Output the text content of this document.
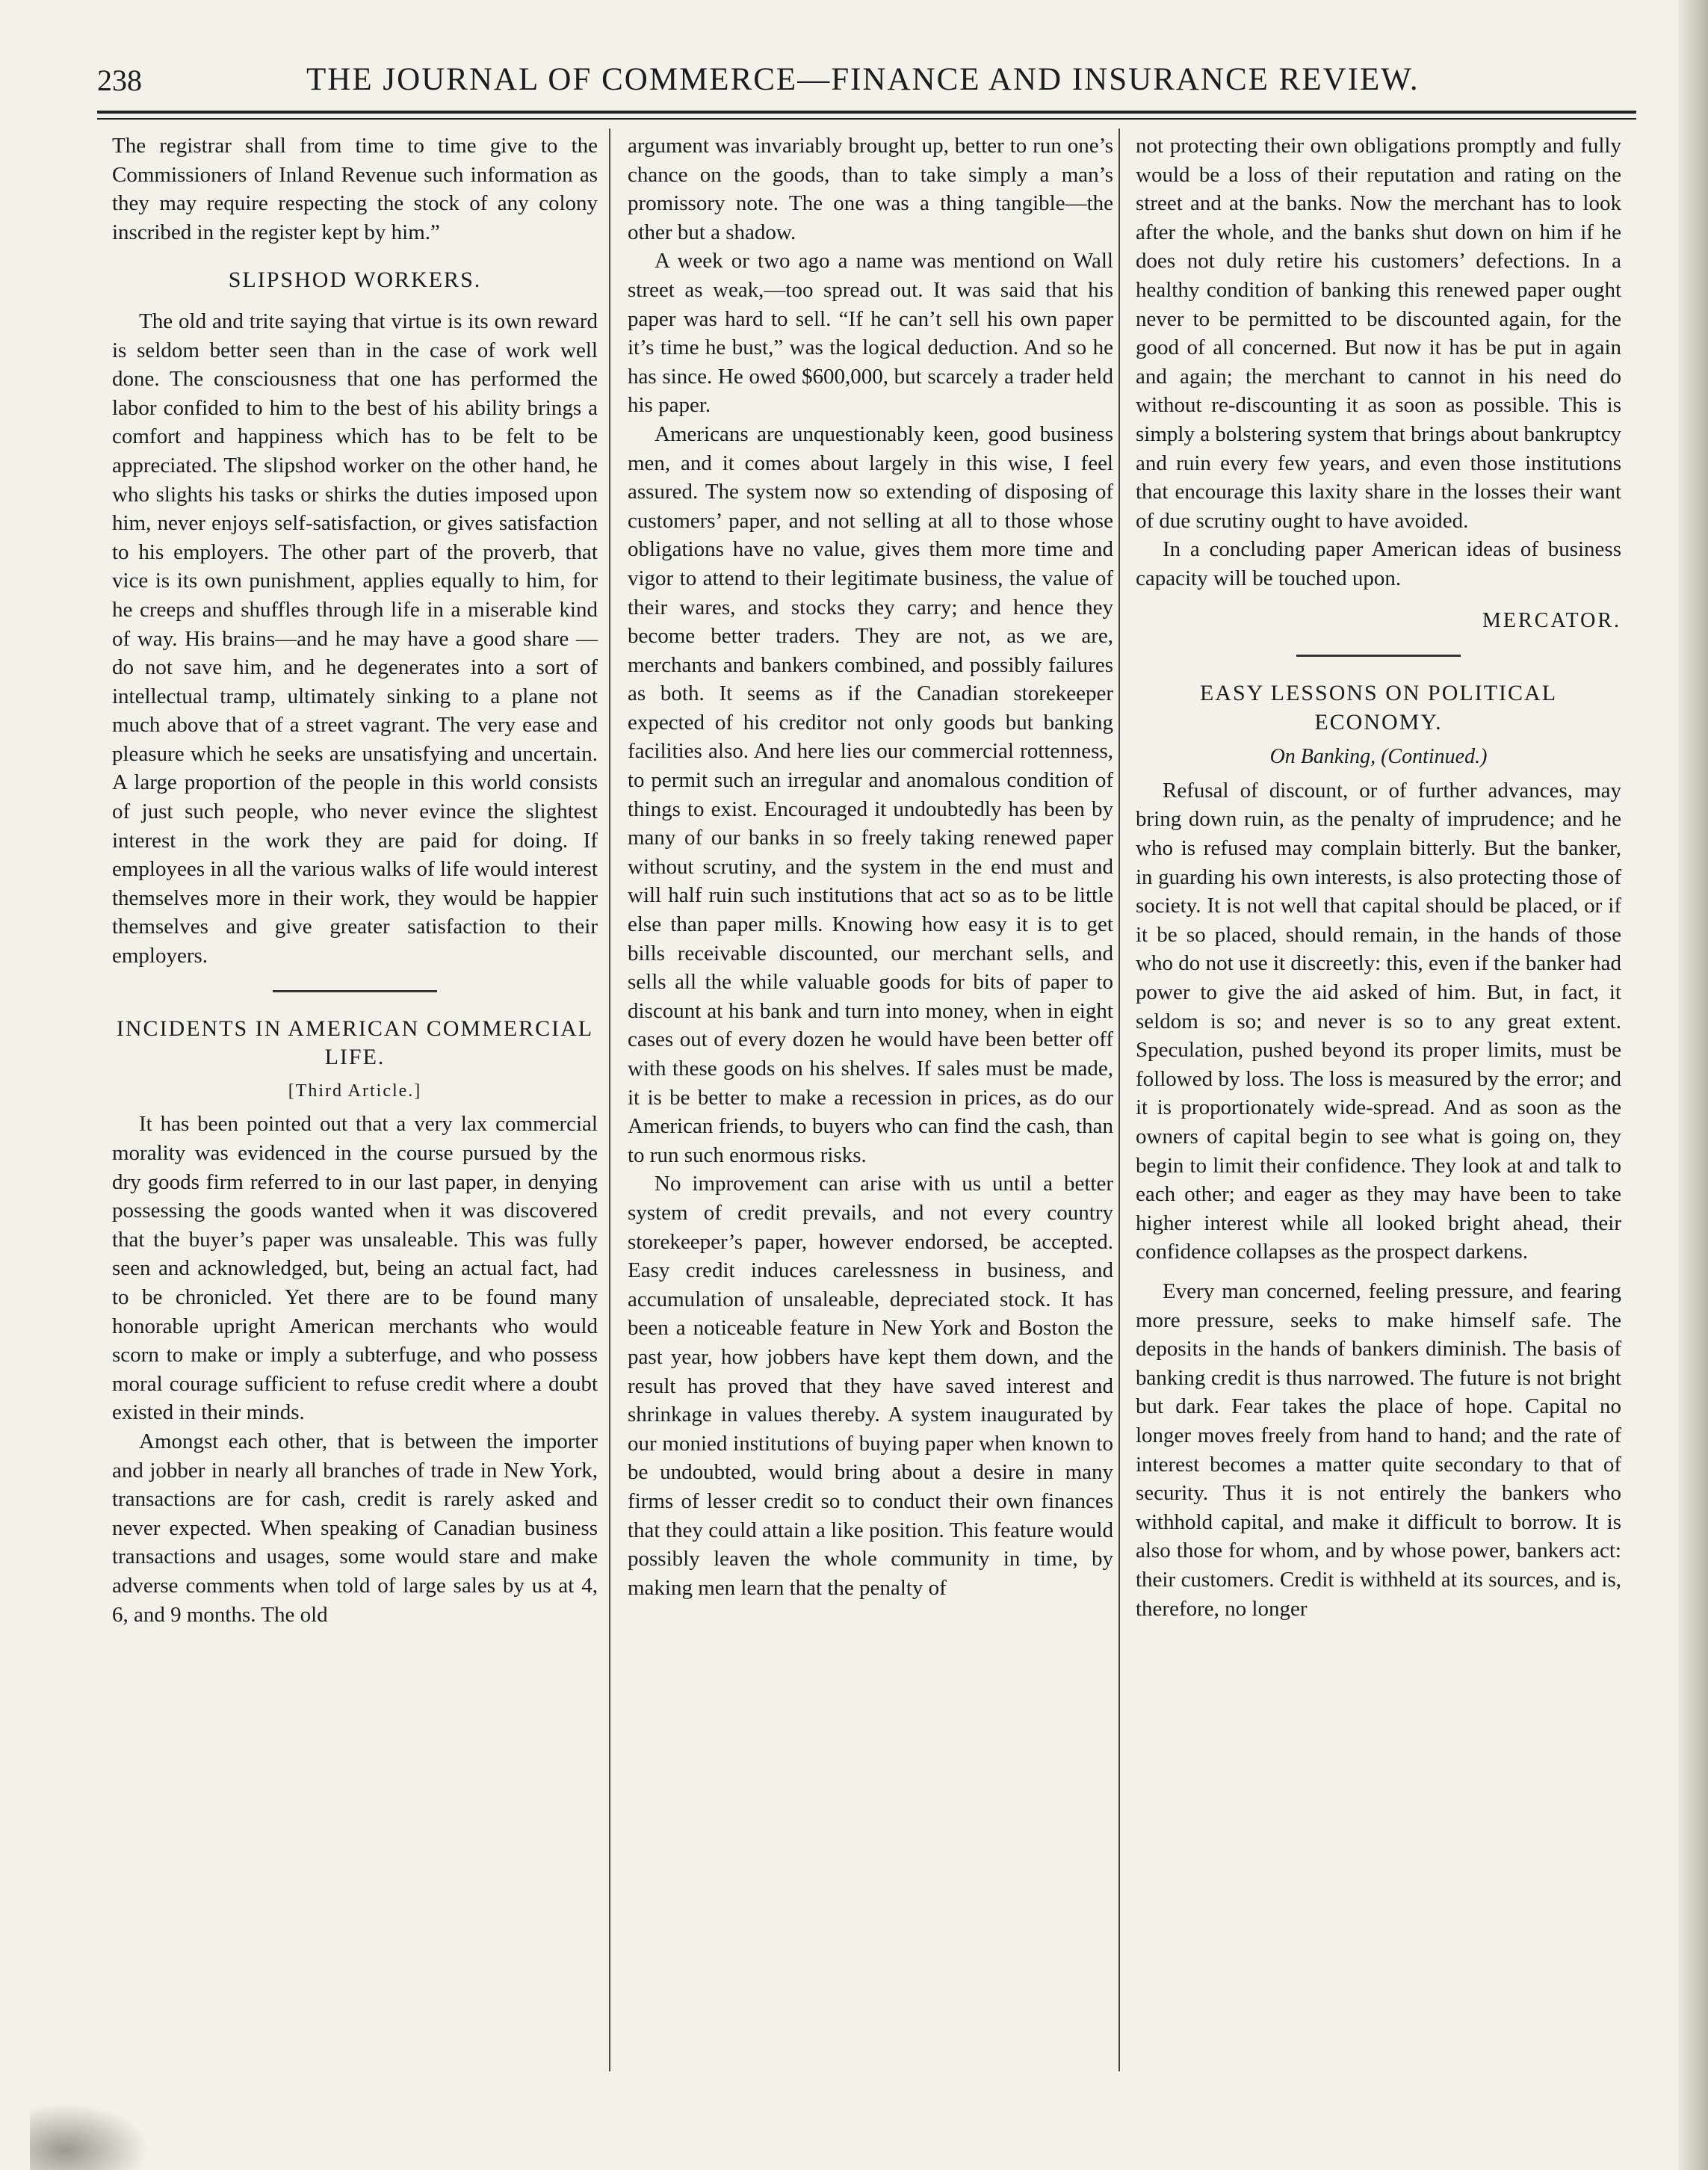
238	THE JOURNAL OF COMMERCE—FINANCE AND INSURANCE REVIEW.

The registrar shall from time to time give to the Commissioners of Inland Revenue such information as they may require respecting the stock of any colony inscribed in the register kept by him.”

SLIPSHOD WORKERS.

The old and trite saying that virtue is its own reward is seldom better seen than in the case of work well done. The consciousness that one has performed the labor confided to him to the best of his ability brings a comfort and happiness which has to be felt to be appreciated. The slipshod worker on the other hand, he who slights his tasks or shirks the duties imposed upon him, never enjoys self-satisfaction, or gives satisfaction to his employers. The other part of the proverb, that vice is its own punishment, applies equally to him, for he creeps and shuffles through life in a miserable kind of way. His brains—and he may have a good share —do not save him, and he degenerates into a sort of intellectual tramp, ultimately sinking to a plane not much above that of a street vagrant. The very ease and pleasure which he seeks are unsatisfying and uncertain. A large proportion of the people in this world consists of just such people, who never evince the slightest interest in the work they are paid for doing. If employees in all the various walks of life would interest themselves more in their work, they would be happier themselves and give greater satisfaction to their employers.

INCIDENTS IN AMERICAN COMMERCIAL LIFE.
[Third Article.]

It has been pointed out that a very lax commercial morality was evidenced in the course pursued by the dry goods firm referred to in our last paper, in denying possessing the goods wanted when it was discovered that the buyer’s paper was unsaleable. This was fully seen and acknowledged, but, being an actual fact, had to be chronicled. Yet there are to be found many honorable upright American merchants who would scorn to make or imply a subterfuge, and who possess moral courage sufficient to refuse credit where a doubt existed in their minds.

Amongst each other, that is between the importer and jobber in nearly all branches of trade in New York, transactions are for cash, credit is rarely asked and never expected. When speaking of Canadian business transactions and usages, some would stare and make adverse comments when told of large sales by us at 4, 6, and 9 months. The old

argument was invariably brought up, better to run one’s chance on the goods, than to take simply a man’s promissory note. The one was a thing tangible—the other but a shadow.

A week or two ago a name was mentiond on Wall street as weak,—too spread out. It was said that his paper was hard to sell. “If he can’t sell his own paper it’s time he bust,” was the logical deduction. And so he has since. He owed $600,000, but scarcely a trader held his paper.

Americans are unquestionably keen, good business men, and it comes about largely in this wise, I feel assured. The system now so extending of disposing of customers’ paper, and not selling at all to those whose obligations have no value, gives them more time and vigor to attend to their legitimate business, the value of their wares, and stocks they carry; and hence they become better traders. They are not, as we are, merchants and bankers combined, and possibly failures as both. It seems as if the Canadian storekeeper expected of his creditor not only goods but banking facilities also. And here lies our commercial rottenness, to permit such an irregular and anomalous condition of things to exist. Encouraged it undoubtedly has been by many of our banks in so freely taking renewed paper without scrutiny, and the system in the end must and will half ruin such institutions that act so as to be little else than paper mills. Knowing how easy it is to get bills receivable discounted, our merchant sells, and sells all the while valuable goods for bits of paper to discount at his bank and turn into money, when in eight cases out of every dozen he would have been better off with these goods on his shelves. If sales must be made, it is be better to make a recession in prices, as do our American friends, to buyers who can find the cash, than to run such enormous risks.

No improvement can arise with us until a better system of credit prevails, and not every country storekeeper’s paper, however endorsed, be accepted. Easy credit induces carelessness in business, and accumulation of unsaleable, depreciated stock. It has been a noticeable feature in New York and Boston the past year, how jobbers have kept them down, and the result has proved that they have saved interest and shrinkage in values thereby. A system inaugurated by our monied institutions of buying paper when known to be undoubted, would bring about a desire in many firms of lesser credit so to conduct their own finances that they could attain a like position. This feature would possibly leaven the whole community in time, by making men learn that the penalty of

not protecting their own obligations promptly and fully would be a loss of their reputation and rating on the street and at the banks. Now the merchant has to look after the whole, and the banks shut down on him if he does not duly retire his customers’ defections. In a healthy condition of banking this renewed paper ought never to be permitted to be discounted again, for the good of all concerned. But now it has be put in again and again; the merchant to cannot in his need do without re-discounting it as soon as possible. This is simply a bolstering system that brings about bankruptcy and ruin every few years, and even those institutions that encourage this laxity share in the losses their want of due scrutiny ought to have avoided.

In a concluding paper American ideas of business capacity will be touched upon.

MERCATOR.
EASY LESSONS ON POLITICAL ECONOMY.
On Banking, (Continued.)

Refusal of discount, or of further advances, may bring down ruin, as the penalty of imprudence; and he who is refused may complain bitterly. But the banker, in guarding his own interests, is also protecting those of society. It is not well that capital should be placed, or if it be so placed, should remain, in the hands of those who do not use it discreetly: this, even if the banker had power to give the aid asked of him. But, in fact, it seldom is so; and never is so to any great extent. Speculation, pushed beyond its proper limits, must be followed by loss. The loss is measured by the error; and it is proportionately wide-spread. And as soon as the owners of capital begin to see what is going on, they begin to limit their confidence. They look at and talk to each other; and eager as they may have been to take higher interest while all looked bright ahead, their confidence collapses as the prospect darkens.

Every man concerned, feeling pressure, and fearing more pressure, seeks to make himself safe. The deposits in the hands of bankers diminish. The basis of banking credit is thus narrowed. The future is not bright but dark. Fear takes the place of hope. Capital no longer moves freely from hand to hand; and the rate of interest becomes a matter quite secondary to that of security. Thus it is not entirely the bankers who withhold capital, and make it difficult to borrow. It is also those for whom, and by whose power, bankers act: their customers. Credit is withheld at its sources, and is, therefore, no longer
